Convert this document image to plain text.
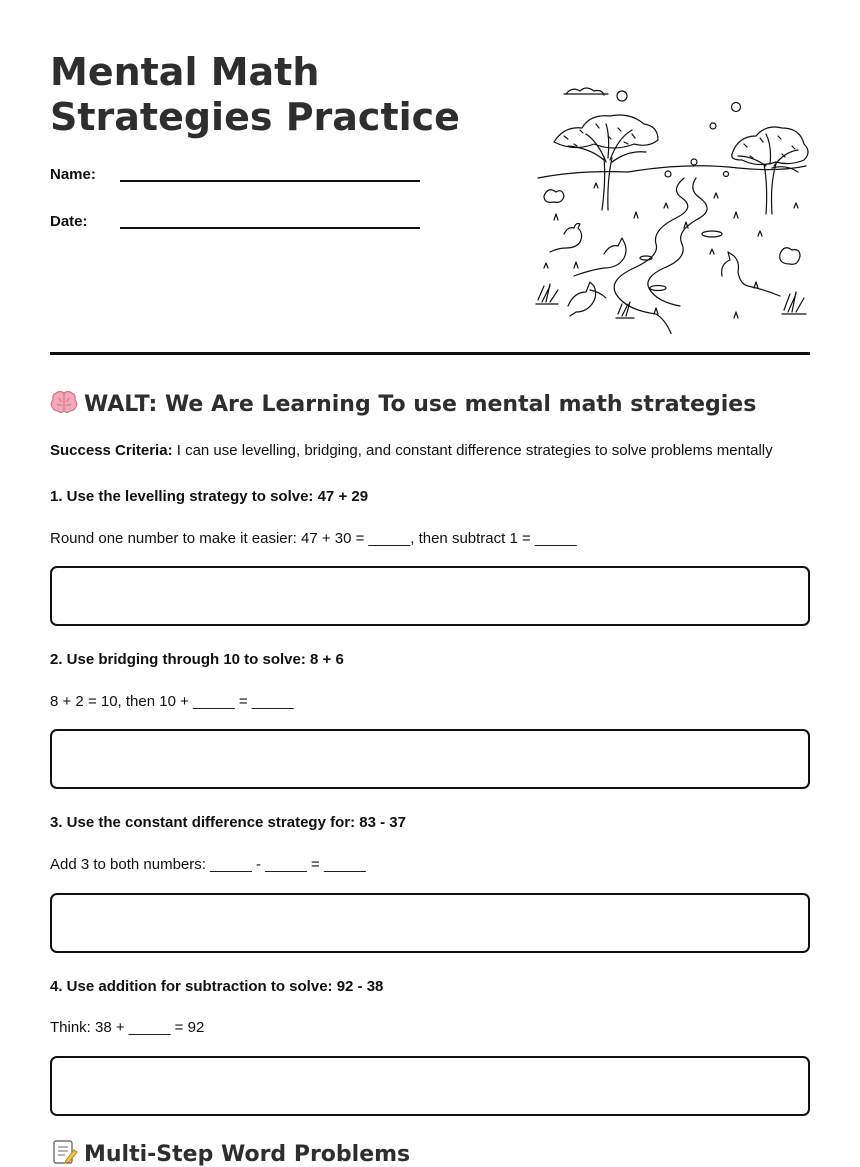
Mental Math Strategies Practice
Name:
Date:
WALT: We Are Learning To use mental math strategies
Success Criteria: I can use levelling, bridging, and constant difference strategies to solve problems mentally
1. Use the levelling strategy to solve: 47 + 29
Round one number to make it easier: 47 + 30 = _____, then subtract 1 = _____
2. Use bridging through 10 to solve: 8 + 6
8 + 2 = 10, then 10 + _____ = _____
3. Use the constant difference strategy for: 83 - 37
Add 3 to both numbers: _____ - _____ = _____
4. Use addition for subtraction to solve: 92 - 38
Think: 38 + _____ = 92
Multi-Step Word Problems
